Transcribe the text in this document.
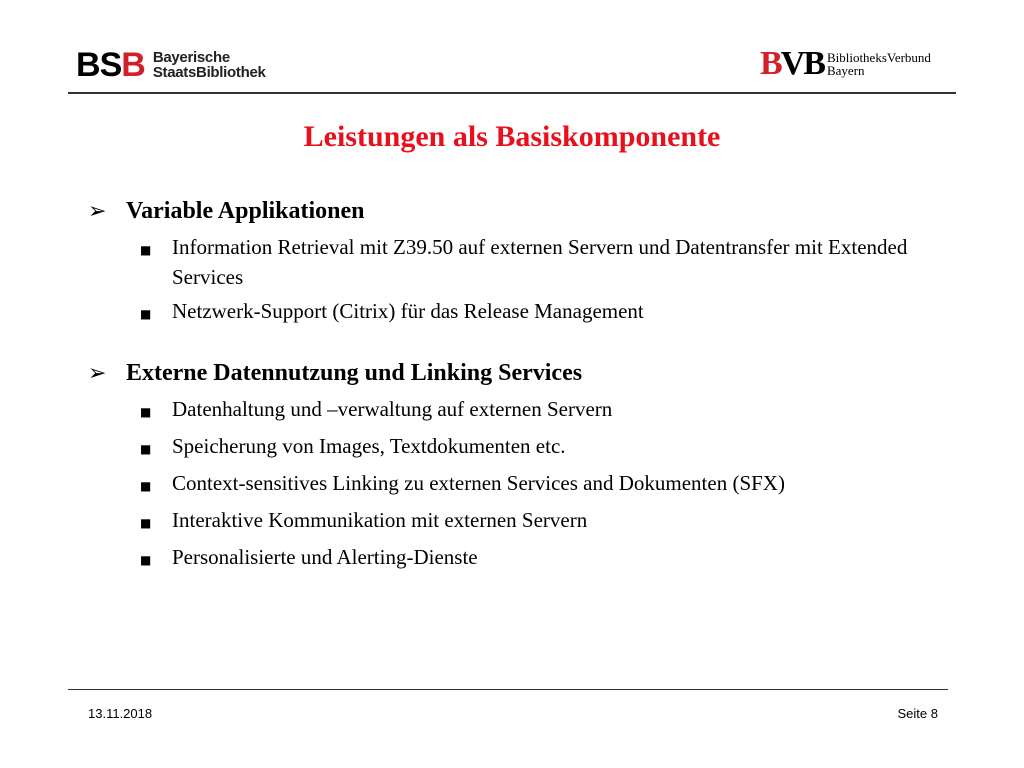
BSB Bayerische
StaatsBibliothek	BVB BibliotheksVerbund
Bayern
Leistungen als Basiskomponente
➢ Variable Applikationen
■ Information Retrieval mit Z39.50 auf externen Servern und Datentransfer mit Extended Services
■ Netzwerk-Support (Citrix) für das Release Management
➢ Externe Datennutzung und Linking Services
■ Datenhaltung und –verwaltung auf externen Servern
■ Speicherung von Images, Textdokumenten etc.
■ Context-sensitives Linking zu externen Services and Dokumenten (SFX)
■ Interaktive Kommunikation mit externen Servern
■ Personalisierte und Alerting-Dienste
13.11.2018	Seite 8
